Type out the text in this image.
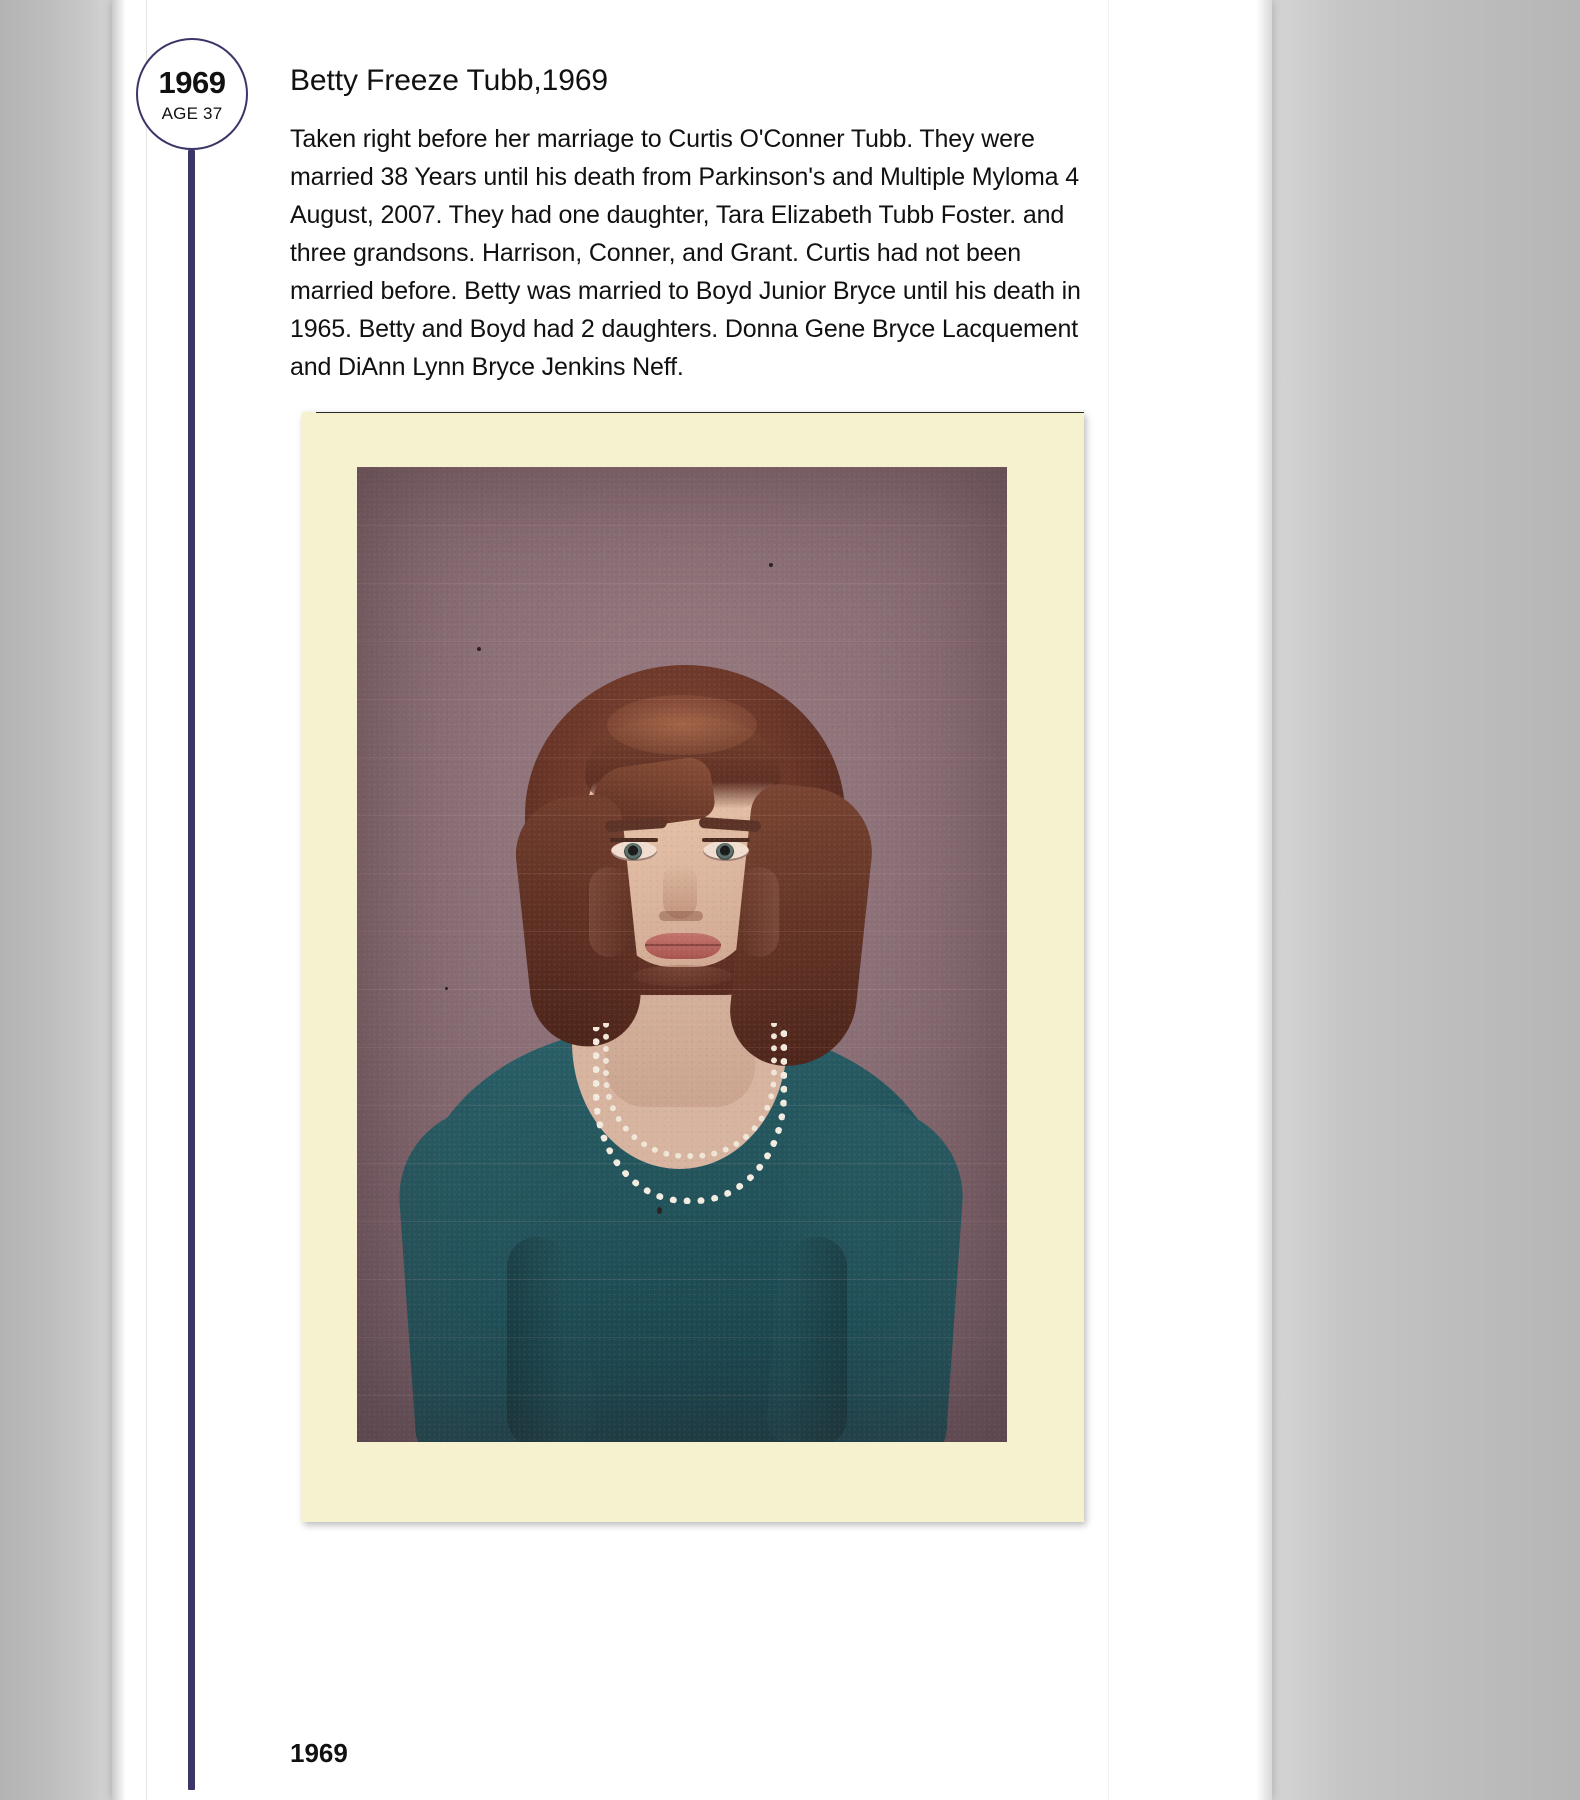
1969
AGE 37
Betty Freeze Tubb,1969

Taken right before her marriage to Curtis O'Conner Tubb. They were married 38 Years until his death from Parkinson's and Multiple Myloma 4 August, 2007. They had one daughter, Tara Elizabeth Tubb Foster. and three grandsons. Harrison, Conner, and Grant. Curtis had not been married before. Betty was married to Boyd Junior Bryce until his death in 1965. Betty and Boyd had 2 daughters. Donna Gene Bryce Lacquement and DiAnn Lynn Bryce Jenkins Neff.

1969
